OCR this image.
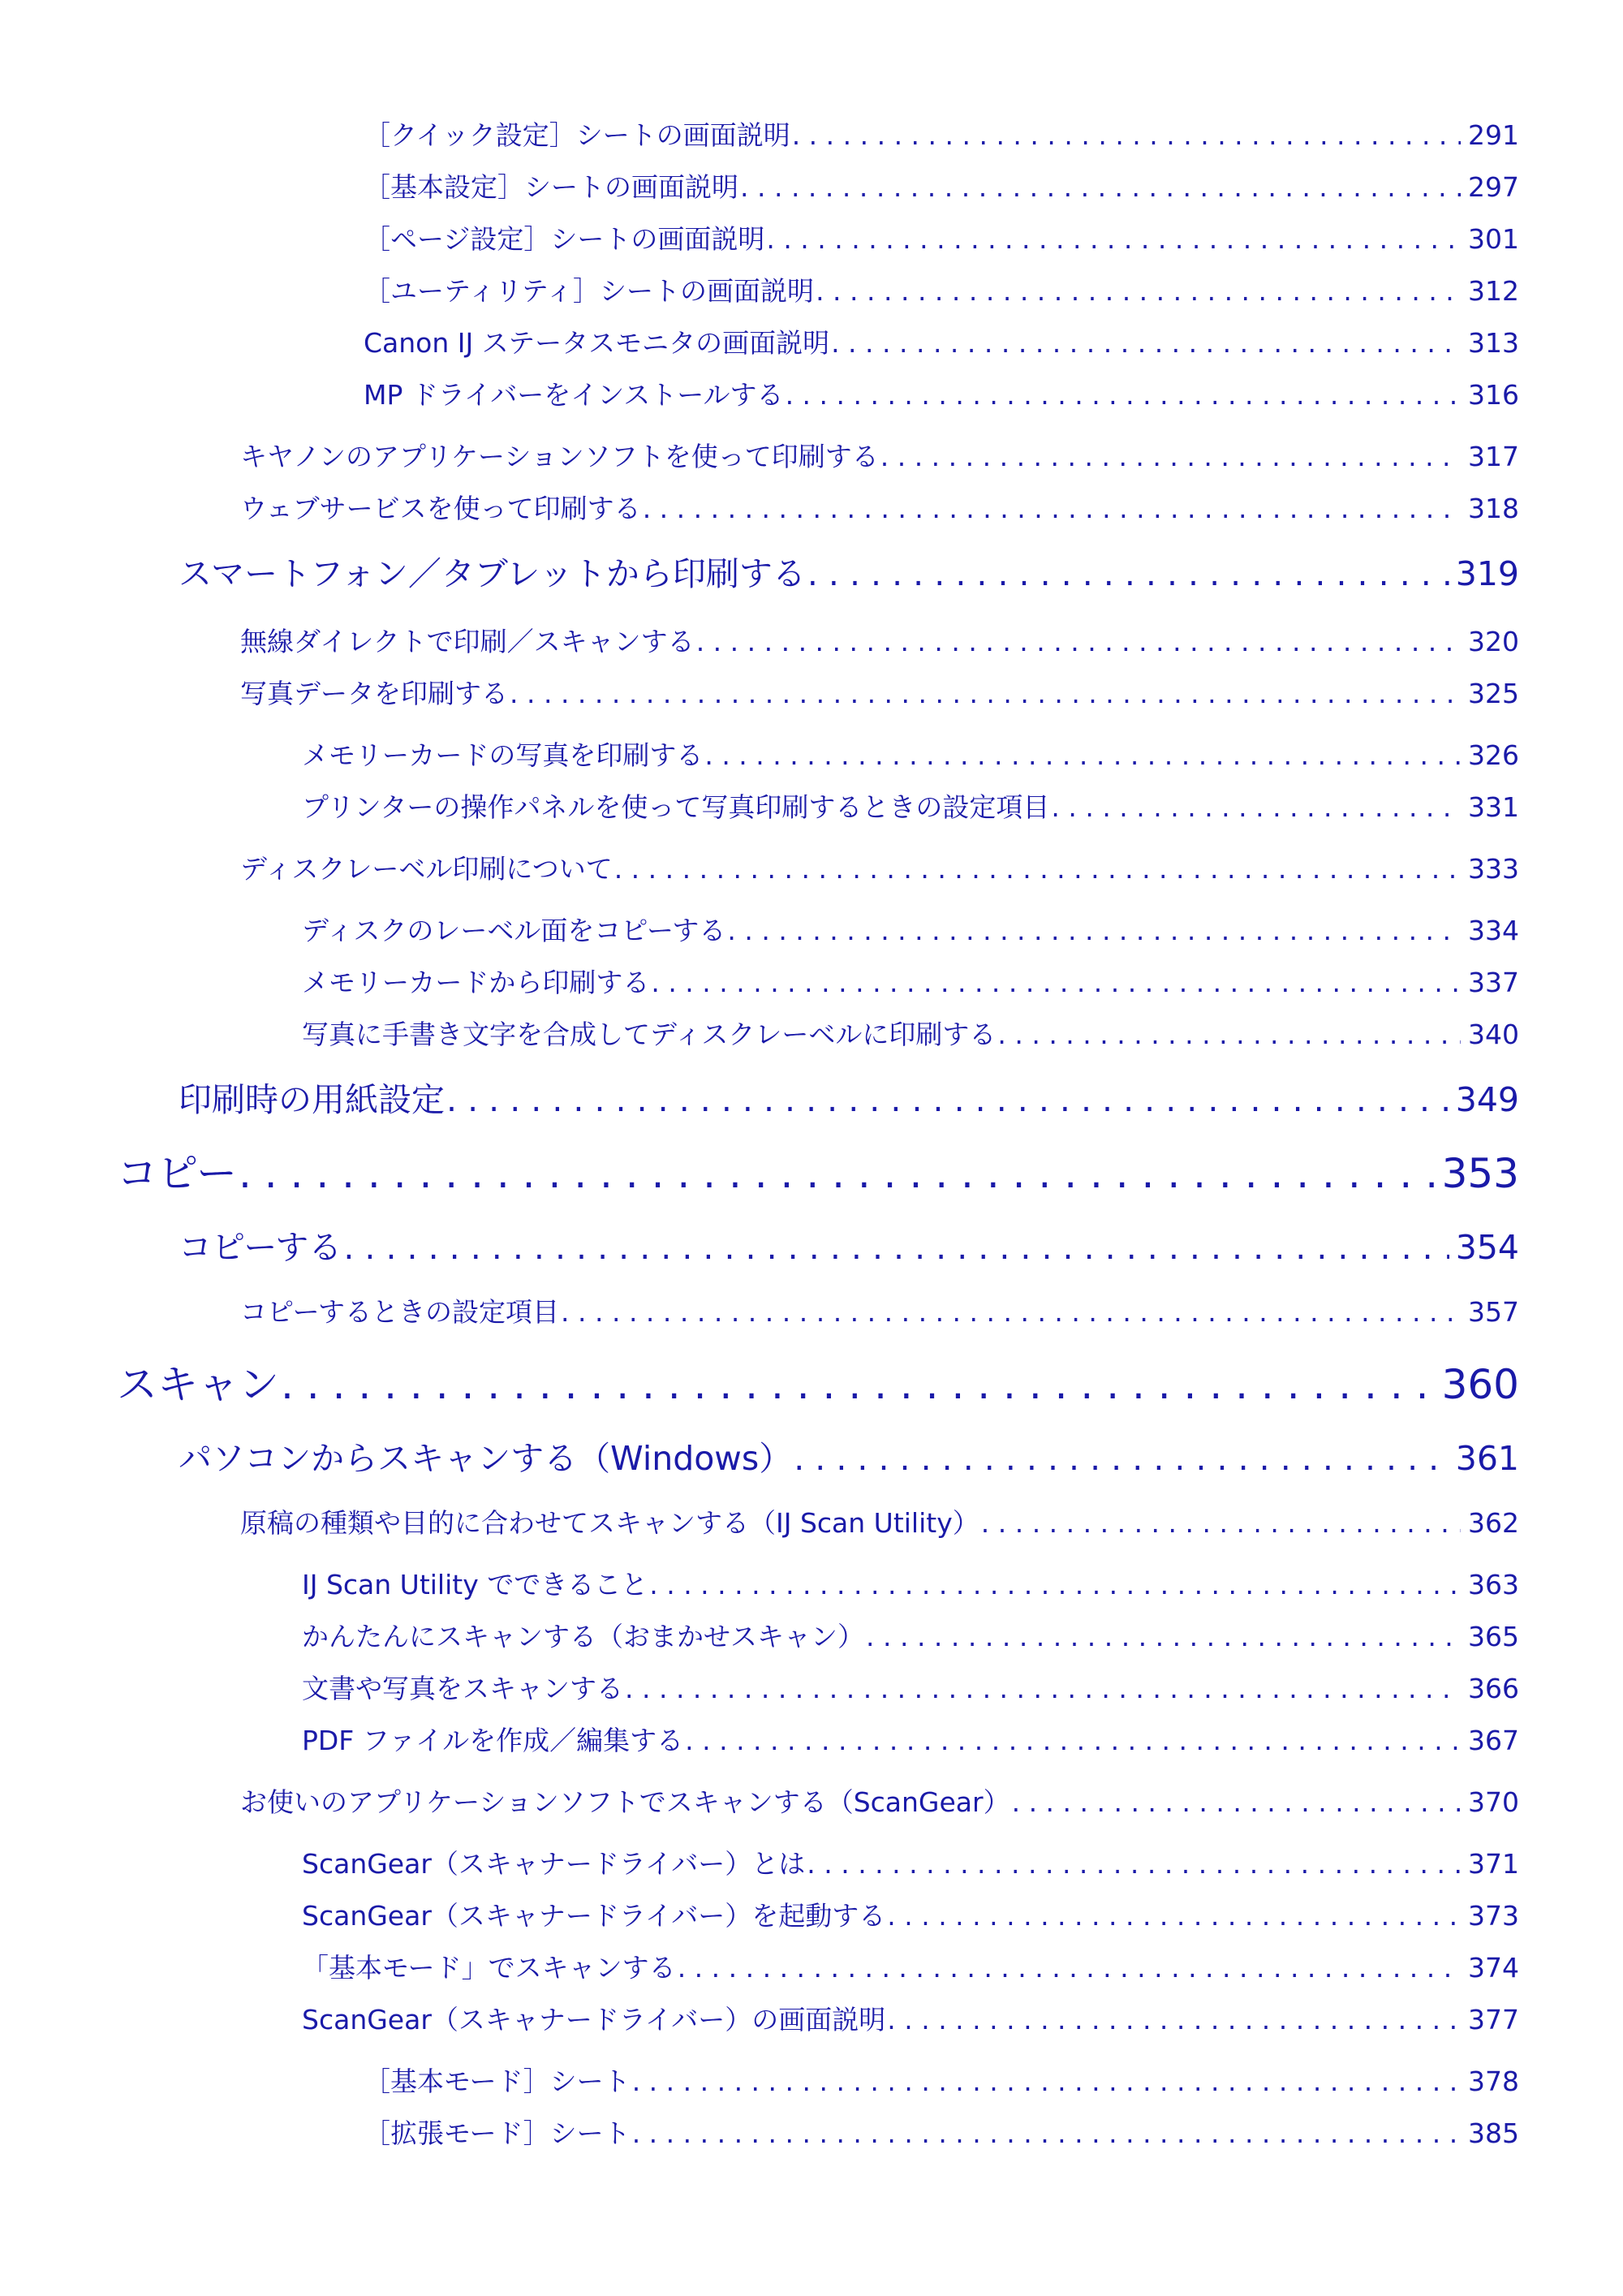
［クイック設定］シートの画面説明 . . .	291
［基本設定］シートの画面説明 . . .	297
［ページ設定］シートの画面説明 . . .	301
［ユーティリティ］シートの画面説明 . . .	312
Canon IJ ステータスモニタの画面説明 . . .	313
MP ドライバーをインストールする . . .	316
キヤノンのアプリケーションソフトを使って印刷する . . .	317
ウェブサービスを使って印刷する . . .	318
スマートフォン／タブレットから印刷する . . .	319
無線ダイレクトで印刷／スキャンする . . .	320
写真データを印刷する . . .	325
メモリーカードの写真を印刷する . . .	326
プリンターの操作パネルを使って写真印刷するときの設定項目 . . .	331
ディスクレーベル印刷について . . .	333
ディスクのレーベル面をコピーする . . .	334
メモリーカードから印刷する . . .	337
写真に手書き文字を合成してディスクレーベルに印刷する . . .	340
印刷時の用紙設定 . . .	349
コピー . . .	353
コピーする . . .	354
コピーするときの設定項目 . . .	357
スキャン . . .	360
パソコンからスキャンする（Windows） . . .	361
原稿の種類や目的に合わせてスキャンする（IJ Scan Utility） . . .	362
IJ Scan Utility でできること . . .	363
かんたんにスキャンする（おまかせスキャン） . . .	365
文書や写真をスキャンする . . .	366
PDF ファイルを作成／編集する . . .	367
お使いのアプリケーションソフトでスキャンする（ScanGear） . . .	370
ScanGear（スキャナードライバー）とは . . .	371
ScanGear（スキャナードライバー）を起動する . . .	373
「基本モード」でスキャンする . . .	374
ScanGear（スキャナードライバー）の画面説明 . . .	377
［基本モード］シート . . .	378
［拡張モード］シート . . .	385
